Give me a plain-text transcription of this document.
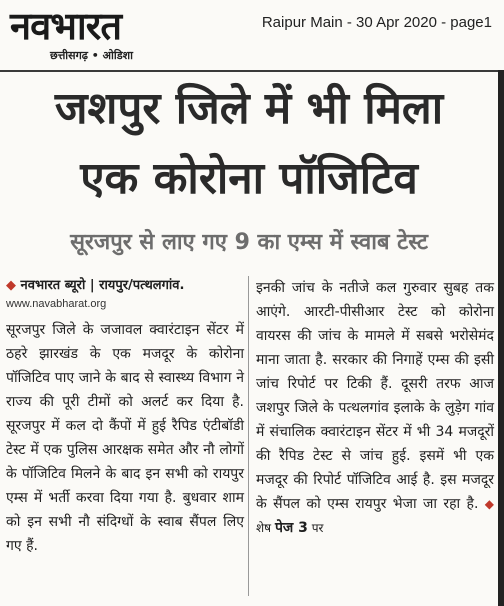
नवभारत
छत्तीसगढ़ • ओडिशा
Raipur Main - 30 Apr 2020 - page1
जशपुर जिले में भी मिला
एक कोरोना पॉजिटिव
सूरजपुर से लाए गए 9 का एम्स में स्वाब टेस्ट
◆ नवभारत ब्यूरो | रायपुर/पत्थलगांव.
www.navabharat.org
सूरजपुर जिले के जजावल क्वारंटाइन सेंटर में ठहरे झारखंड के एक मजदूर के कोरोना पॉजिटिव पाए जाने के बाद से स्वास्थ्य विभाग ने राज्य की पूरी टीमों को अलर्ट कर दिया है. सूरजपुर में कल दो कैंपों में हुई रैपिड एंटीबॉडी टेस्ट में एक पुलिस आरक्षक समेत और नौ लोगों के पॉजिटिव मिलने के बाद इन सभी को रायपुर एम्स में भर्ती करवा दिया गया है. बुधवार शाम को इन सभी नौ संदिग्धों के स्वाब सैंपल लिए गए हैं.
इनकी जांच के नतीजे कल गुरुवार सुबह तक आएंगे. आरटी-पीसीआर टेस्ट को कोरोना वायरस की जांच के मामले में सबसे भरोसेमंद माना जाता है. सरकार की निगाहें एम्स की इसी जांच रिपोर्ट पर टिकी हैं. दूसरी तरफ आज जशपुर जिले के पत्थलगांव इलाके के लुड़ेग गांव में संचालिक क्वारंटाइन सेंटर में भी 34 मजदूरों की रैपिड टेस्ट से जांच हुई. इसमें भी एक मजदूर की रिपोर्ट पॉजिटिव आई है. इस मजदूर के सैंपल को एम्स रायपुर भेजा जा रहा है. ◆ शेष पेज 3 पर
